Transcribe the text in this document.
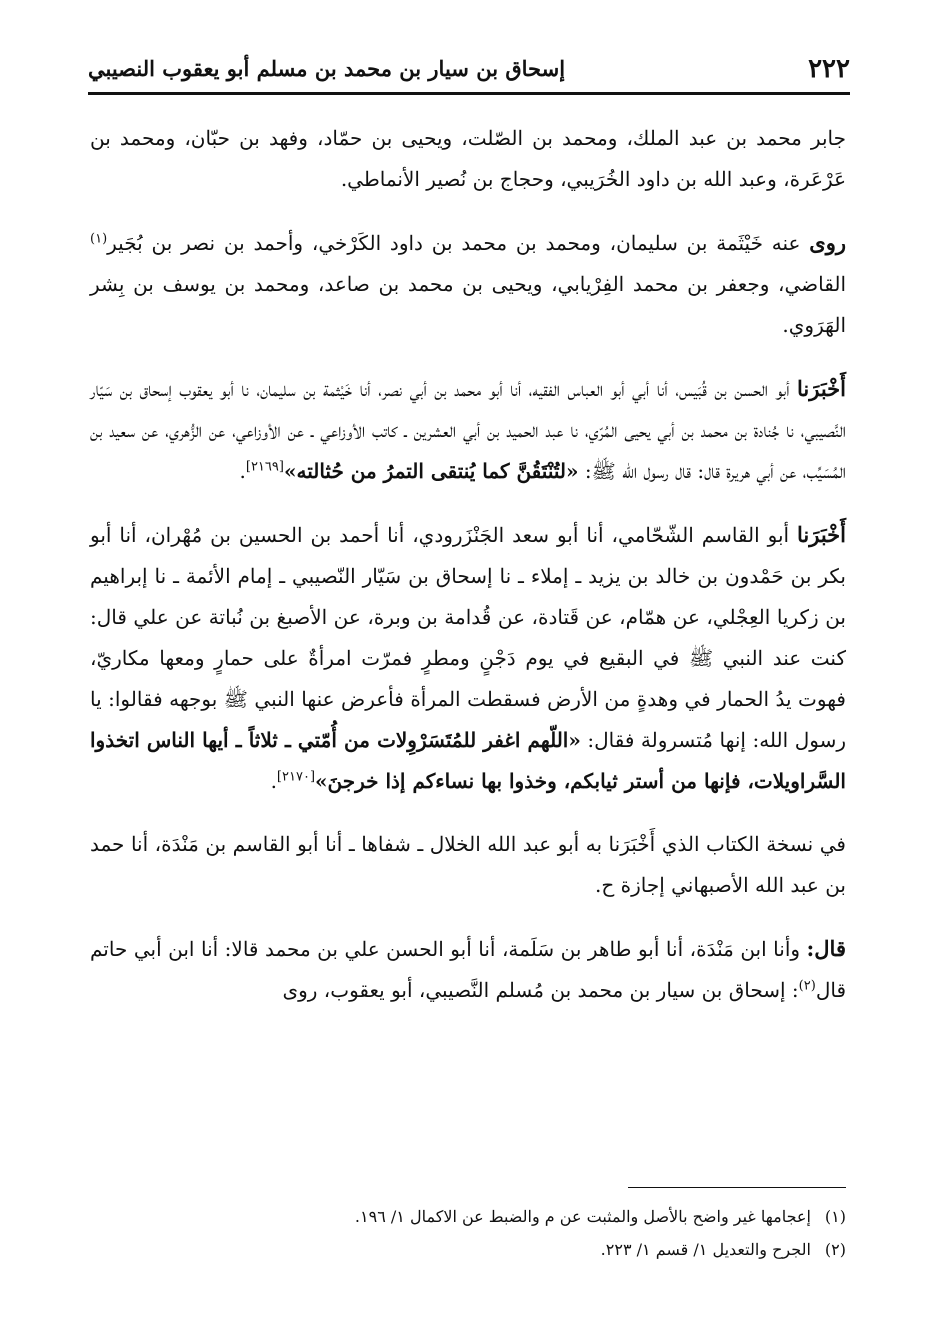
٢٢٢
إسحاق بن سيار بن محمد بن مسلم أبو يعقوب النصيبي

جابر محمد بن عبد الملك، ومحمد بن الصّلت، ويحيى بن حمّاد، وفهد بن حبّان، ومحمد بن عَرْعَرة، وعبد الله بن داود الخُرَيبي، وحجاج بن نُصير الأنماطي.

روى عنه خَيْثَمة بن سليمان، ومحمد بن محمد بن داود الكَرْخي، وأحمد بن نصر بن بُجَير$^{(١)}$ القاضي، وجعفر بن محمد الفِرْيابي، ويحيى بن محمد بن صاعد، ومحمد بن يوسف بن بِشر الهَرَوي.

أَخْبَرَنا أبو الحسن بن قُبَيس، أنا أبي أبو العباس الفقيه، أنا أبو محمد بن أبي نصر، أنا خَيْثمة بن سليمان، نا أبو يعقوب إسحاق بن سَيّار النَّصيبي، نا جُنادة بن محمد بن أبي يحيى المُرّي، نا عبد الحميد بن أبي العشرين ـ كاتب الأوزاعي ـ عن الأوزاعي، عن الزُّهري، عن سعيد بن المُسَيِّب، عن أبي هريرة قال: قال رسول الله ﷺ: «لتُنْتَقُنَّ كما يُنتقى التمرُ من حُثالته»[٢١٦٩].

أَخْبَرَنا أبو القاسم الشّحّامي، أنا أبو سعد الجَنْزَرودي، أنا أحمد بن الحسين بن مُهْران، أنا أبو بكر بن حَمْدون بن خالد بن يزيد ـ إملاء ـ نا إسحاق بن سَيّار النّصيبي ـ إمام الأئمة ـ نا إبراهيم بن زكريا العِجْلي، عن همّام، عن قَتادة، عن قُدامة بن وبرة، عن الأصبغ بن نُباتة عن علي قال: كنت عند النبي ﷺ في البقيع في يوم دَجْنٍ ومطرٍ فمرّت امرأةٌ على حمارٍ ومعها مكاريّ، فهوت يدُ الحمار في وهدةٍ من الأرض فسقطت المرأة فأعرض عنها النبي ﷺ بوجهه فقالوا: يا رسول الله: إنها مُتسرولة فقال: «اللّهم اغفر للمُتَسَرْوِلات من أُمّتي ـ ثلاثاً ـ أيها الناس اتخذوا السَّراويلات، فإنها من أستر ثيابكم، وخذوا بها نساءكم إذا خرجنَ»[٢١٧٠].

في نسخة الكتاب الذي أَخْبَرَنا به أبو عبد الله الخلال ـ شفاها ـ أنا أبو القاسم بن مَنْدَة، أنا حمد بن عبد الله الأصبهاني إجازة ح.

قال: وأنا ابن مَنْدَة، أنا أبو طاهر بن سَلَمة، أنا أبو الحسن علي بن محمد قالا: أنا ابن أبي حاتم قال$^{(٢)}$: إسحاق بن سيار بن محمد بن مُسلم النَّصيبي، أبو يعقوب، روى

(١)إعجامها غير واضح بالأصل والمثبت عن م والضبط عن الاكمال ١/ ١٩٦.
(٢)الجرح والتعديل ١/ قسم ١/ ٢٢٣.
